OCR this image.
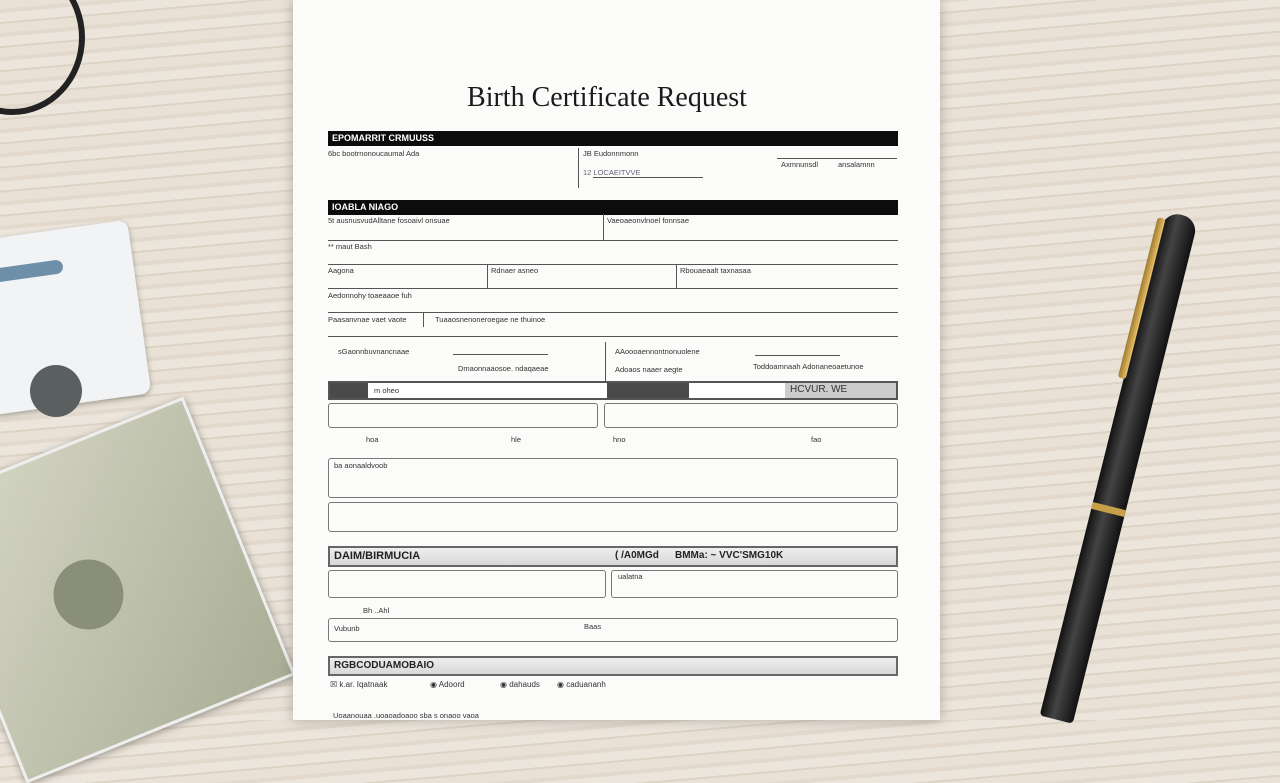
Birth Certificate Request
EPOMARRIT CRMUUSS
6bc bootrnonoucaumal Ada	JB Eudonnmonn
12 LOCAEITVVE
Axmnunsdl	ansalamnn
IOABLA NIAGO
5t ausnusvudAlltane fosoaivl onsuae	Vaeoaeonvlnoel fonnsae
** maut Bash
Aagona	Rdnaer asneo	Rbouaeaalt taxnasaa
Aedonnohy toaeaaoe fuh
Paasanvnae vaet vaote	Tuaaosnenoneroegae ne thuinoe
sGaonnbuvnancnaae
Dmaonnaaosoe. ndaqaeae
AAoooaennontnonuolene
Adoaos naaer aegte	Toddoamnaah Adonaneoaetunoe
m oheo	HCVUR. WE
hoa	hle	hno	fao
ba aonaaldvoob
DAIM/BIRMUCIA	( /A0MGd BMMa: ~ VVC'SMG10K
ualatna
Bh ..Ahl
Vubunb	Baas
RGBCODUAMOBAIO
☒ k.ar. Iqatnaak	◉ Adoord	◉ dahauds ◉ caduananh
Uoaanouaa .uoaoadoaoo sba s onaoo vaoa
